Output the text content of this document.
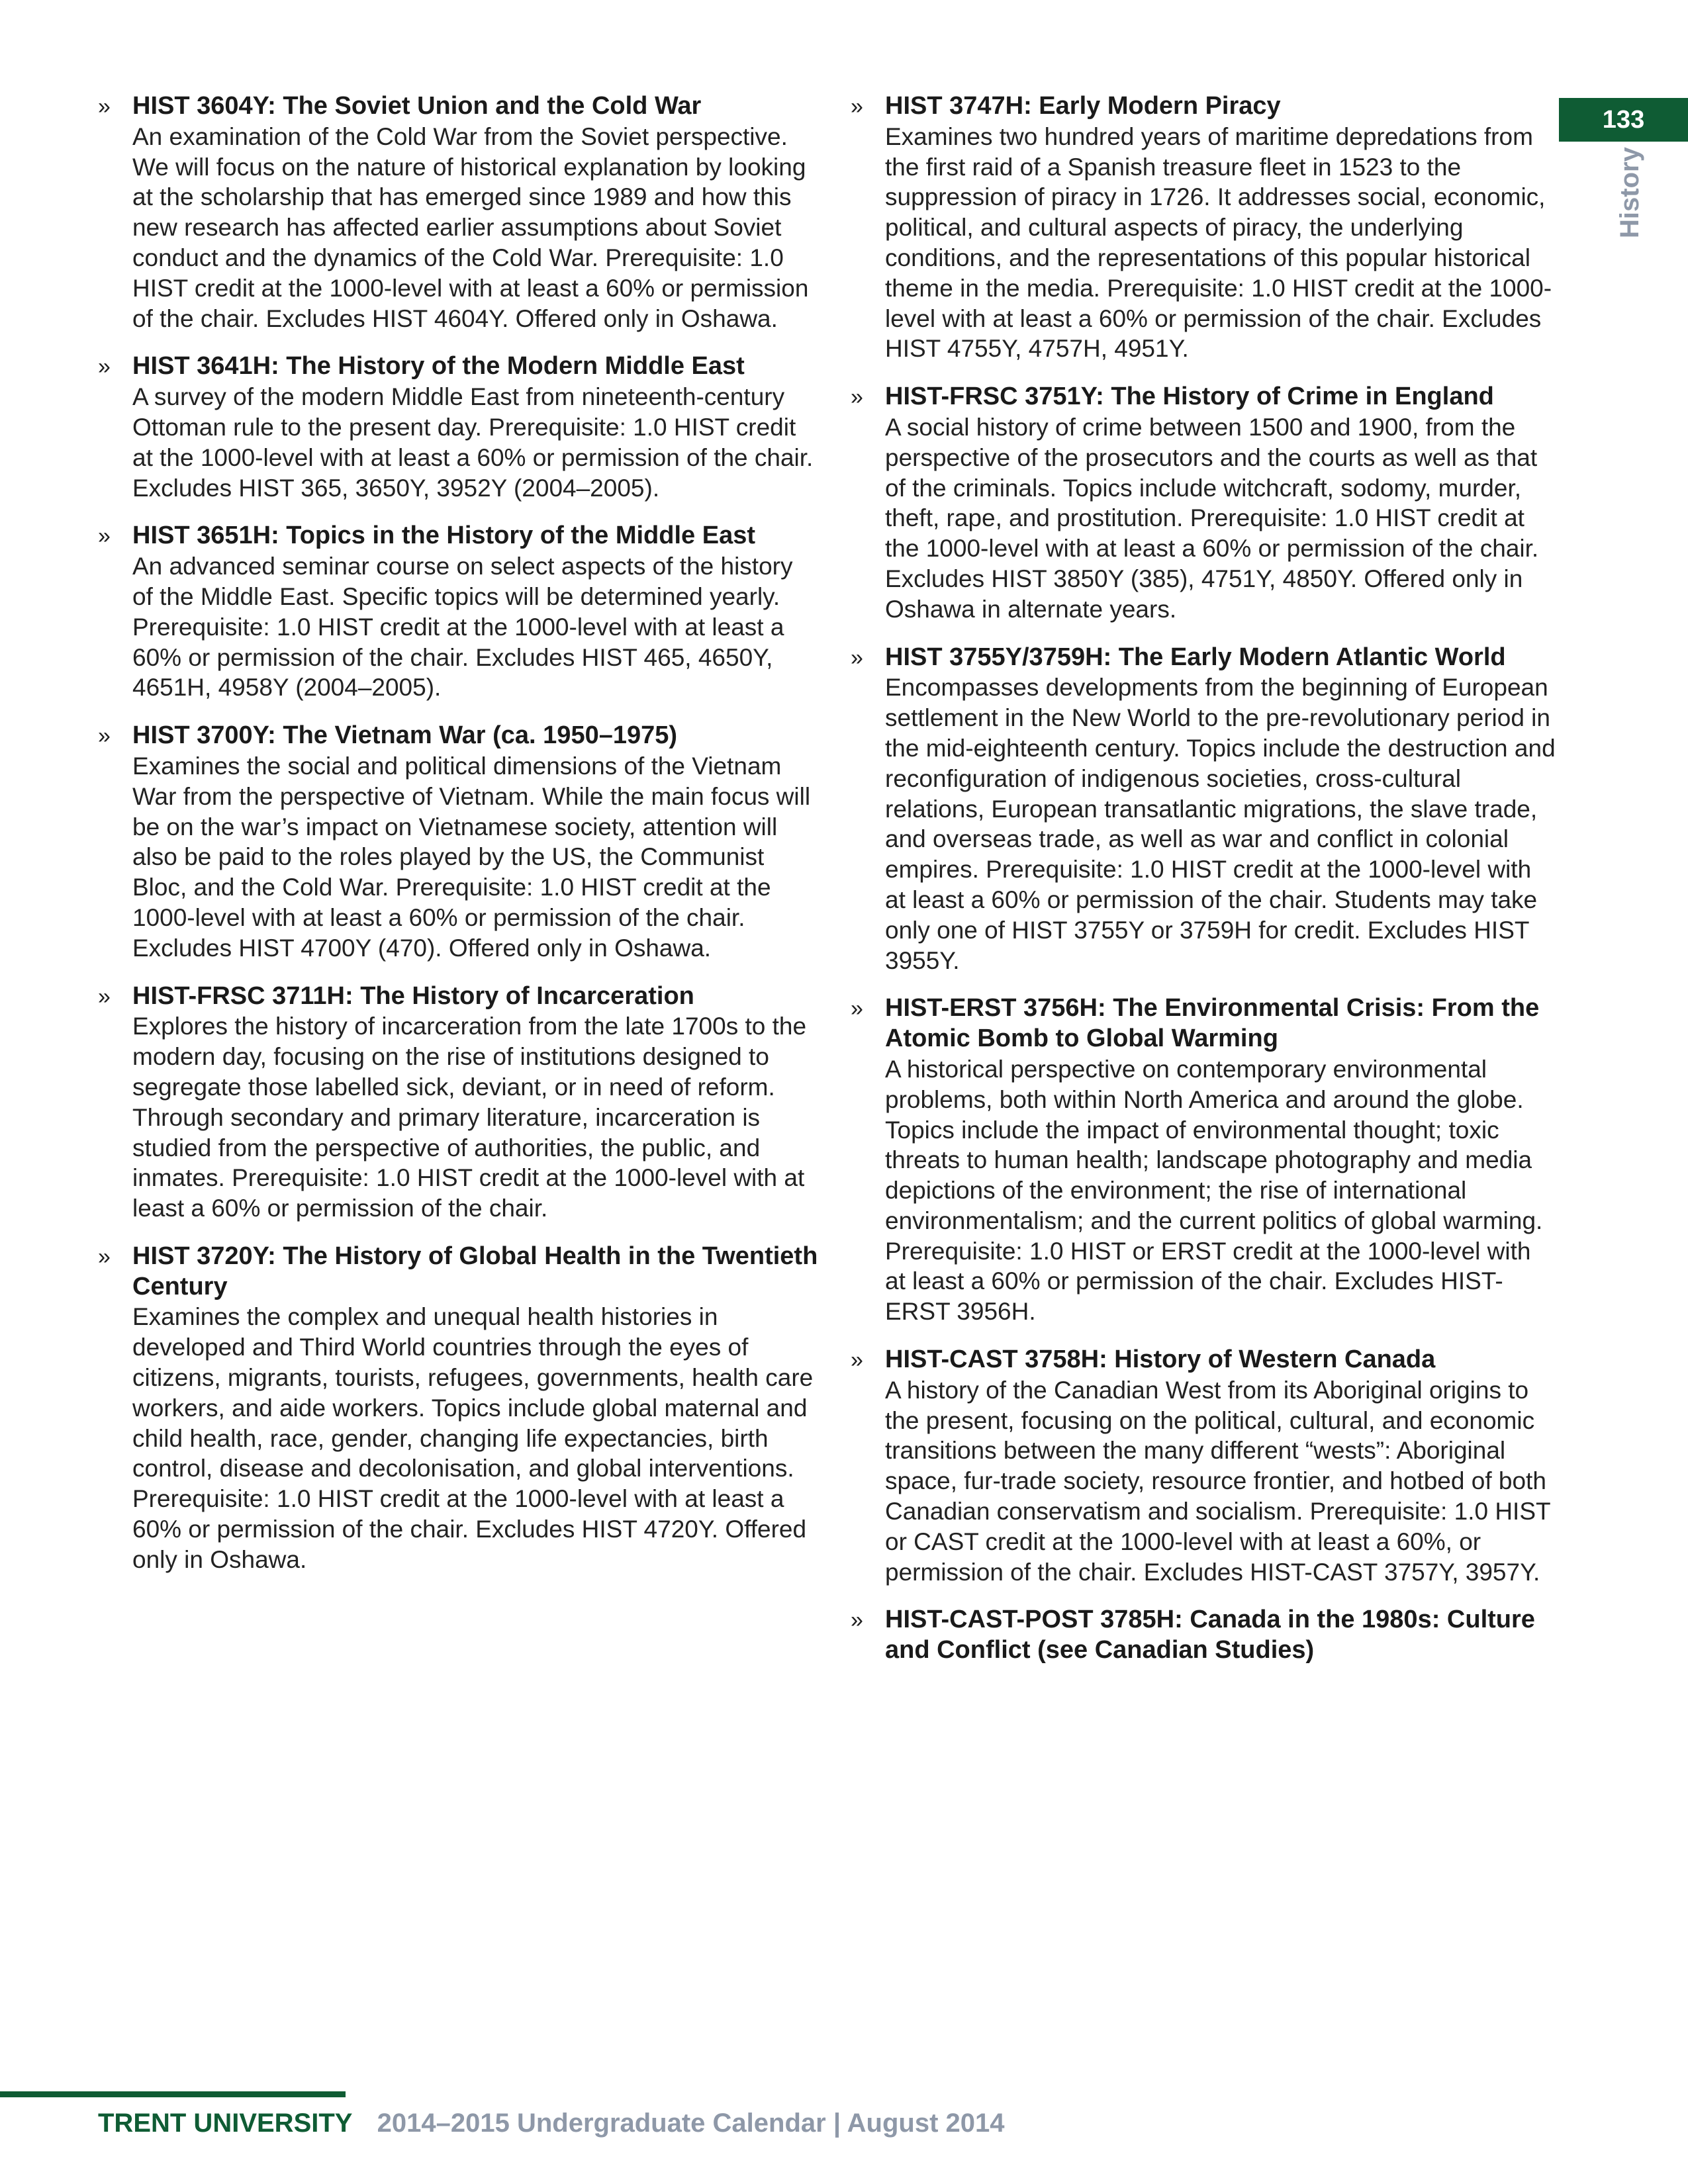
133
History
» HIST 3604Y: The Soviet Union and the Cold War
An examination of the Cold War from the Soviet perspective. We will focus on the nature of historical explanation by looking at the scholarship that has emerged since 1989 and how this new research has affected earlier assumptions about Soviet conduct and the dynamics of the Cold War. Prerequisite: 1.0 HIST credit at the 1000-level with at least a 60% or permission of the chair. Excludes HIST 4604Y. Offered only in Oshawa.
» HIST 3641H: The History of the Modern Middle East
A survey of the modern Middle East from nineteenth-century Ottoman rule to the present day. Prerequisite: 1.0 HIST credit at the 1000-level with at least a 60% or permission of the chair. Excludes HIST 365, 3650Y, 3952Y (2004–2005).
» HIST 3651H: Topics in the History of the Middle East
An advanced seminar course on select aspects of the history of the Middle East. Specific topics will be determined yearly. Prerequisite: 1.0 HIST credit at the 1000-level with at least a 60% or permission of the chair. Excludes HIST 465, 4650Y, 4651H, 4958Y (2004–2005).
» HIST 3700Y: The Vietnam War (ca. 1950–1975)
Examines the social and political dimensions of the Vietnam War from the perspective of Vietnam. While the main focus will be on the war’s impact on Vietnamese society, attention will also be paid to the roles played by the US, the Communist Bloc, and the Cold War. Prerequisite: 1.0 HIST credit at the 1000-level with at least a 60% or permission of the chair. Excludes HIST 4700Y (470). Offered only in Oshawa.
» HIST-FRSC 3711H: The History of Incarceration
Explores the history of incarceration from the late 1700s to the modern day, focusing on the rise of institutions designed to segregate those labelled sick, deviant, or in need of reform. Through secondary and primary literature, incarceration is studied from the perspective of authorities, the public, and inmates. Prerequisite: 1.0 HIST credit at the 1000-level with at least a 60% or permission of the chair.
» HIST 3720Y: The History of Global Health in the Twentieth Century
Examines the complex and unequal health histories in developed and Third World countries through the eyes of citizens, migrants, tourists, refugees, governments, health care workers, and aide workers. Topics include global maternal and child health, race, gender, changing life expectancies, birth control, disease and decolonisation, and global interventions. Prerequisite: 1.0 HIST credit at the 1000-level with at least a 60% or permission of the chair. Excludes HIST 4720Y. Offered only in Oshawa.
» HIST 3747H: Early Modern Piracy
Examines two hundred years of maritime depredations from the first raid of a Spanish treasure fleet in 1523 to the suppression of piracy in 1726. It addresses social, economic, political, and cultural aspects of piracy, the underlying conditions, and the representations of this popular historical theme in the media. Prerequisite: 1.0 HIST credit at the 1000-level with at least a 60% or permission of the chair. Excludes HIST 4755Y, 4757H, 4951Y.
» HIST-FRSC 3751Y: The History of Crime in England
A social history of crime between 1500 and 1900, from the perspective of the prosecutors and the courts as well as that of the criminals. Topics include witchcraft, sodomy, murder, theft, rape, and prostitution. Prerequisite: 1.0 HIST credit at the 1000-level with at least a 60% or permission of the chair. Excludes HIST 3850Y (385), 4751Y, 4850Y. Offered only in Oshawa in alternate years.
» HIST 3755Y/3759H: The Early Modern Atlantic World
Encompasses developments from the beginning of European settlement in the New World to the pre-revolutionary period in the mid-eighteenth century. Topics include the destruction and reconfiguration of indigenous societies, cross-cultural relations, European transatlantic migrations, the slave trade, and overseas trade, as well as war and conflict in colonial empires. Prerequisite: 1.0 HIST credit at the 1000-level with at least a 60% or permission of the chair. Students may take only one of HIST 3755Y or 3759H for credit. Excludes HIST 3955Y.
» HIST-ERST 3756H: The Environmental Crisis: From the Atomic Bomb to Global Warming
A historical perspective on contemporary environmental problems, both within North America and around the globe. Topics include the impact of environmental thought; toxic threats to human health; landscape photography and media depictions of the environment; the rise of international environmentalism; and the current politics of global warming. Prerequisite: 1.0 HIST or ERST credit at the 1000-level with at least a 60% or permission of the chair. Excludes HIST-ERST 3956H.
» HIST-CAST 3758H: History of Western Canada
A history of the Canadian West from its Aboriginal origins to the present, focusing on the political, cultural, and economic transitions between the many different “wests”: Aboriginal space, fur-trade society, resource frontier, and hotbed of both Canadian conservatism and socialism. Prerequisite: 1.0 HIST or CAST credit at the 1000-level with at least a 60%, or permission of the chair. Excludes HIST-CAST 3757Y, 3957Y.
» HIST-CAST-POST 3785H: Canada in the 1980s: Culture and Conflict (see Canadian Studies)
TRENT UNIVERSITY 2014–2015 Undergraduate Calendar | August 2014
